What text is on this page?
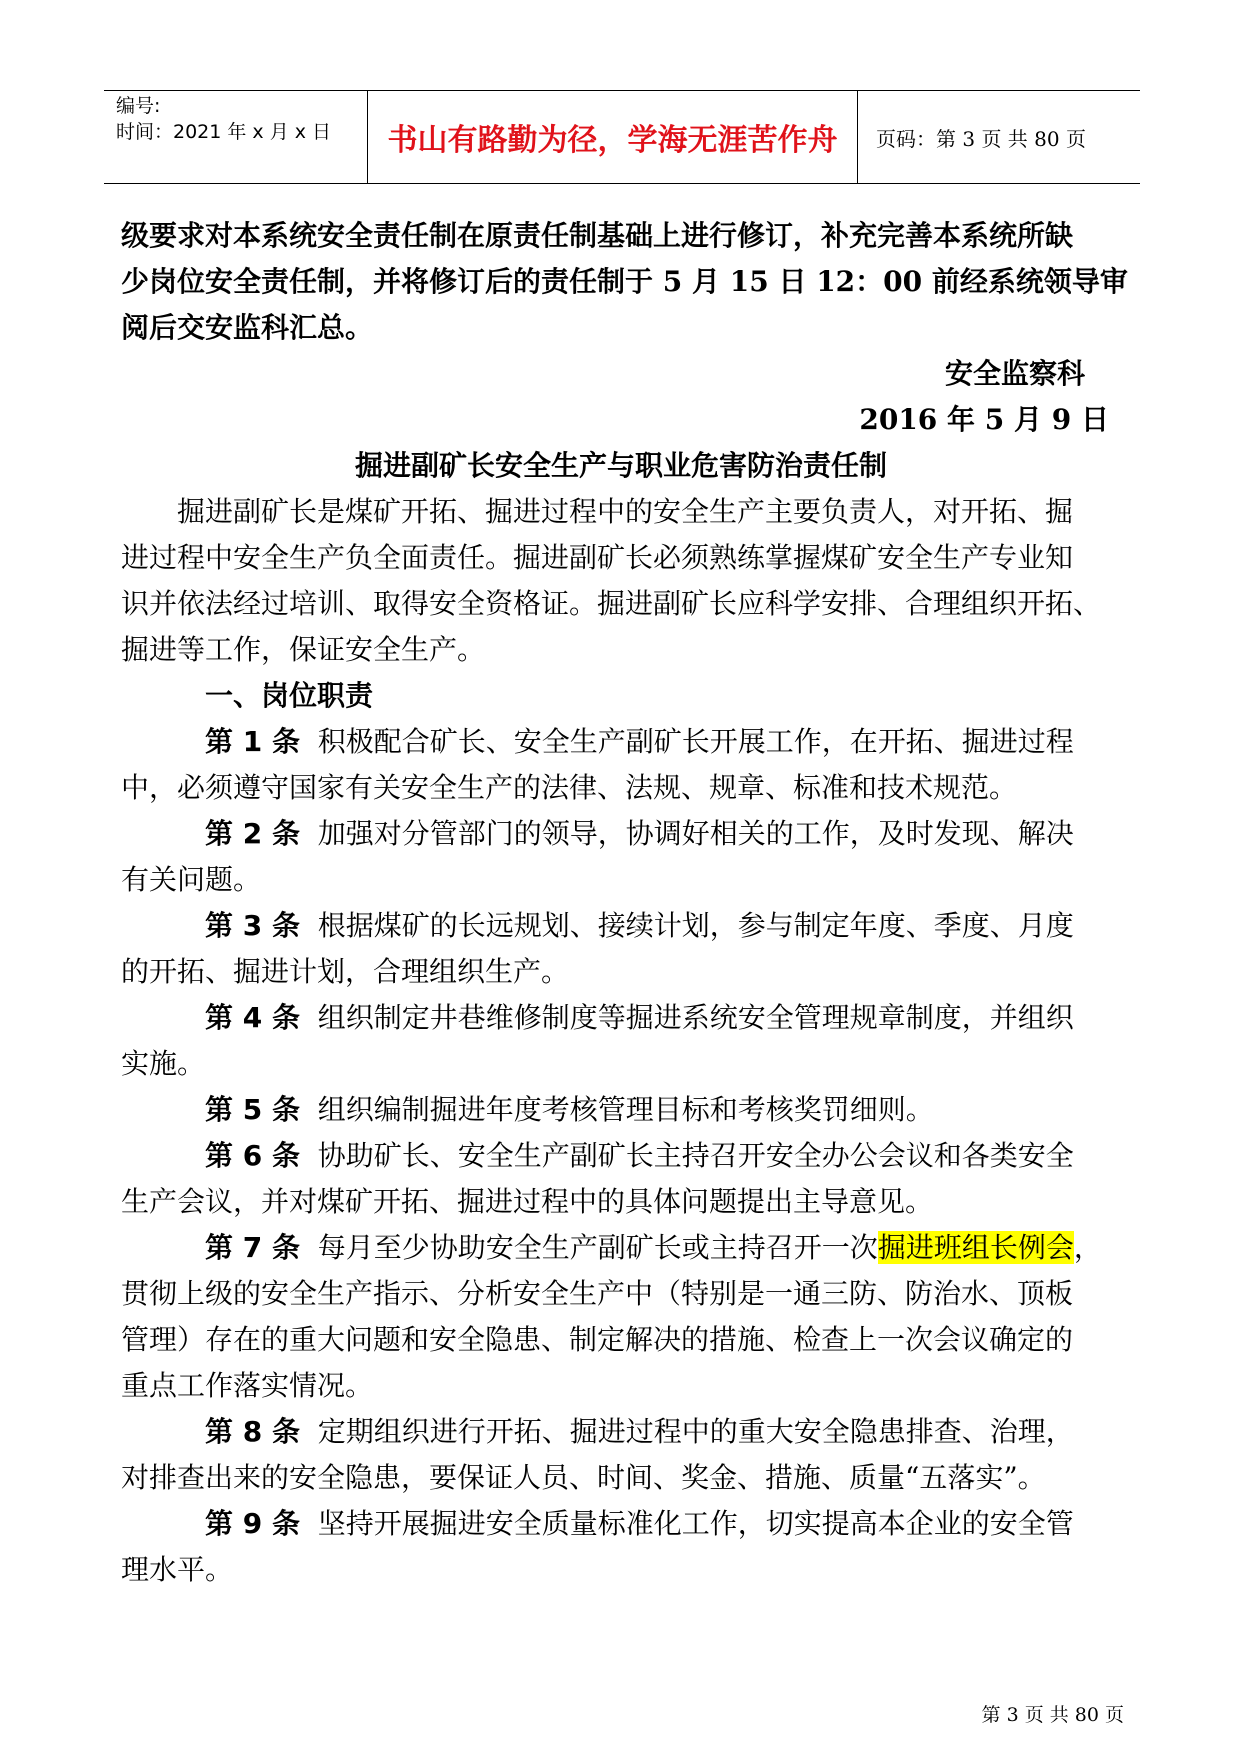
编号:
时间：2021 年 x 月 x 日	书山有路勤为径，学海无涯苦作舟	页码：第 3 页 共 80 页
级要求对本系统安全责任制在原责任制基础上进行修订，补充完善本系统所缺
少岗位安全责任制，并将修订后的责任制于 5 月 15 日 12：00 前经系统领导审
阅后交安监科汇总。
安全监察科
2016 年 5 月 9 日
掘进副矿长安全生产与职业危害防治责任制
掘进副矿长是煤矿开拓、掘进过程中的安全生产主要负责人，对开拓、掘
进过程中安全生产负全面责任。掘进副矿长必须熟练掌握煤矿安全生产专业知
识并依法经过培训、取得安全资格证。掘进副矿长应科学安排、合理组织开拓、
掘进等工作，保证安全生产。
一、岗位职责
第 1 条 积极配合矿长、安全生产副矿长开展工作，在开拓、掘进过程
中，必须遵守国家有关安全生产的法律、法规、规章、标准和技术规范。
第 2 条 加强对分管部门的领导，协调好相关的工作，及时发现、解决
有关问题。
第 3 条 根据煤矿的长远规划、接续计划，参与制定年度、季度、月度
的开拓、掘进计划，合理组织生产。
第 4 条 组织制定井巷维修制度等掘进系统安全管理规章制度，并组织
实施。
第 5 条 组织编制掘进年度考核管理目标和考核奖罚细则。
第 6 条 协助矿长、安全生产副矿长主持召开安全办公会议和各类安全
生产会议，并对煤矿开拓、掘进过程中的具体问题提出主导意见。
第 7 条 每月至少协助安全生产副矿长或主持召开一次掘进班组长例会，
贯彻上级的安全生产指示、分析安全生产中（特别是一通三防、防治水、顶板
管理）存在的重大问题和安全隐患、制定解决的措施、检查上一次会议确定的
重点工作落实情况。
第 8 条 定期组织进行开拓、掘进过程中的重大安全隐患排查、治理，
对排查出来的安全隐患，要保证人员、时间、奖金、措施、质量“五落实”。
第 9 条 坚持开展掘进安全质量标准化工作，切实提高本企业的安全管
理水平。
第 3 页 共 80 页
